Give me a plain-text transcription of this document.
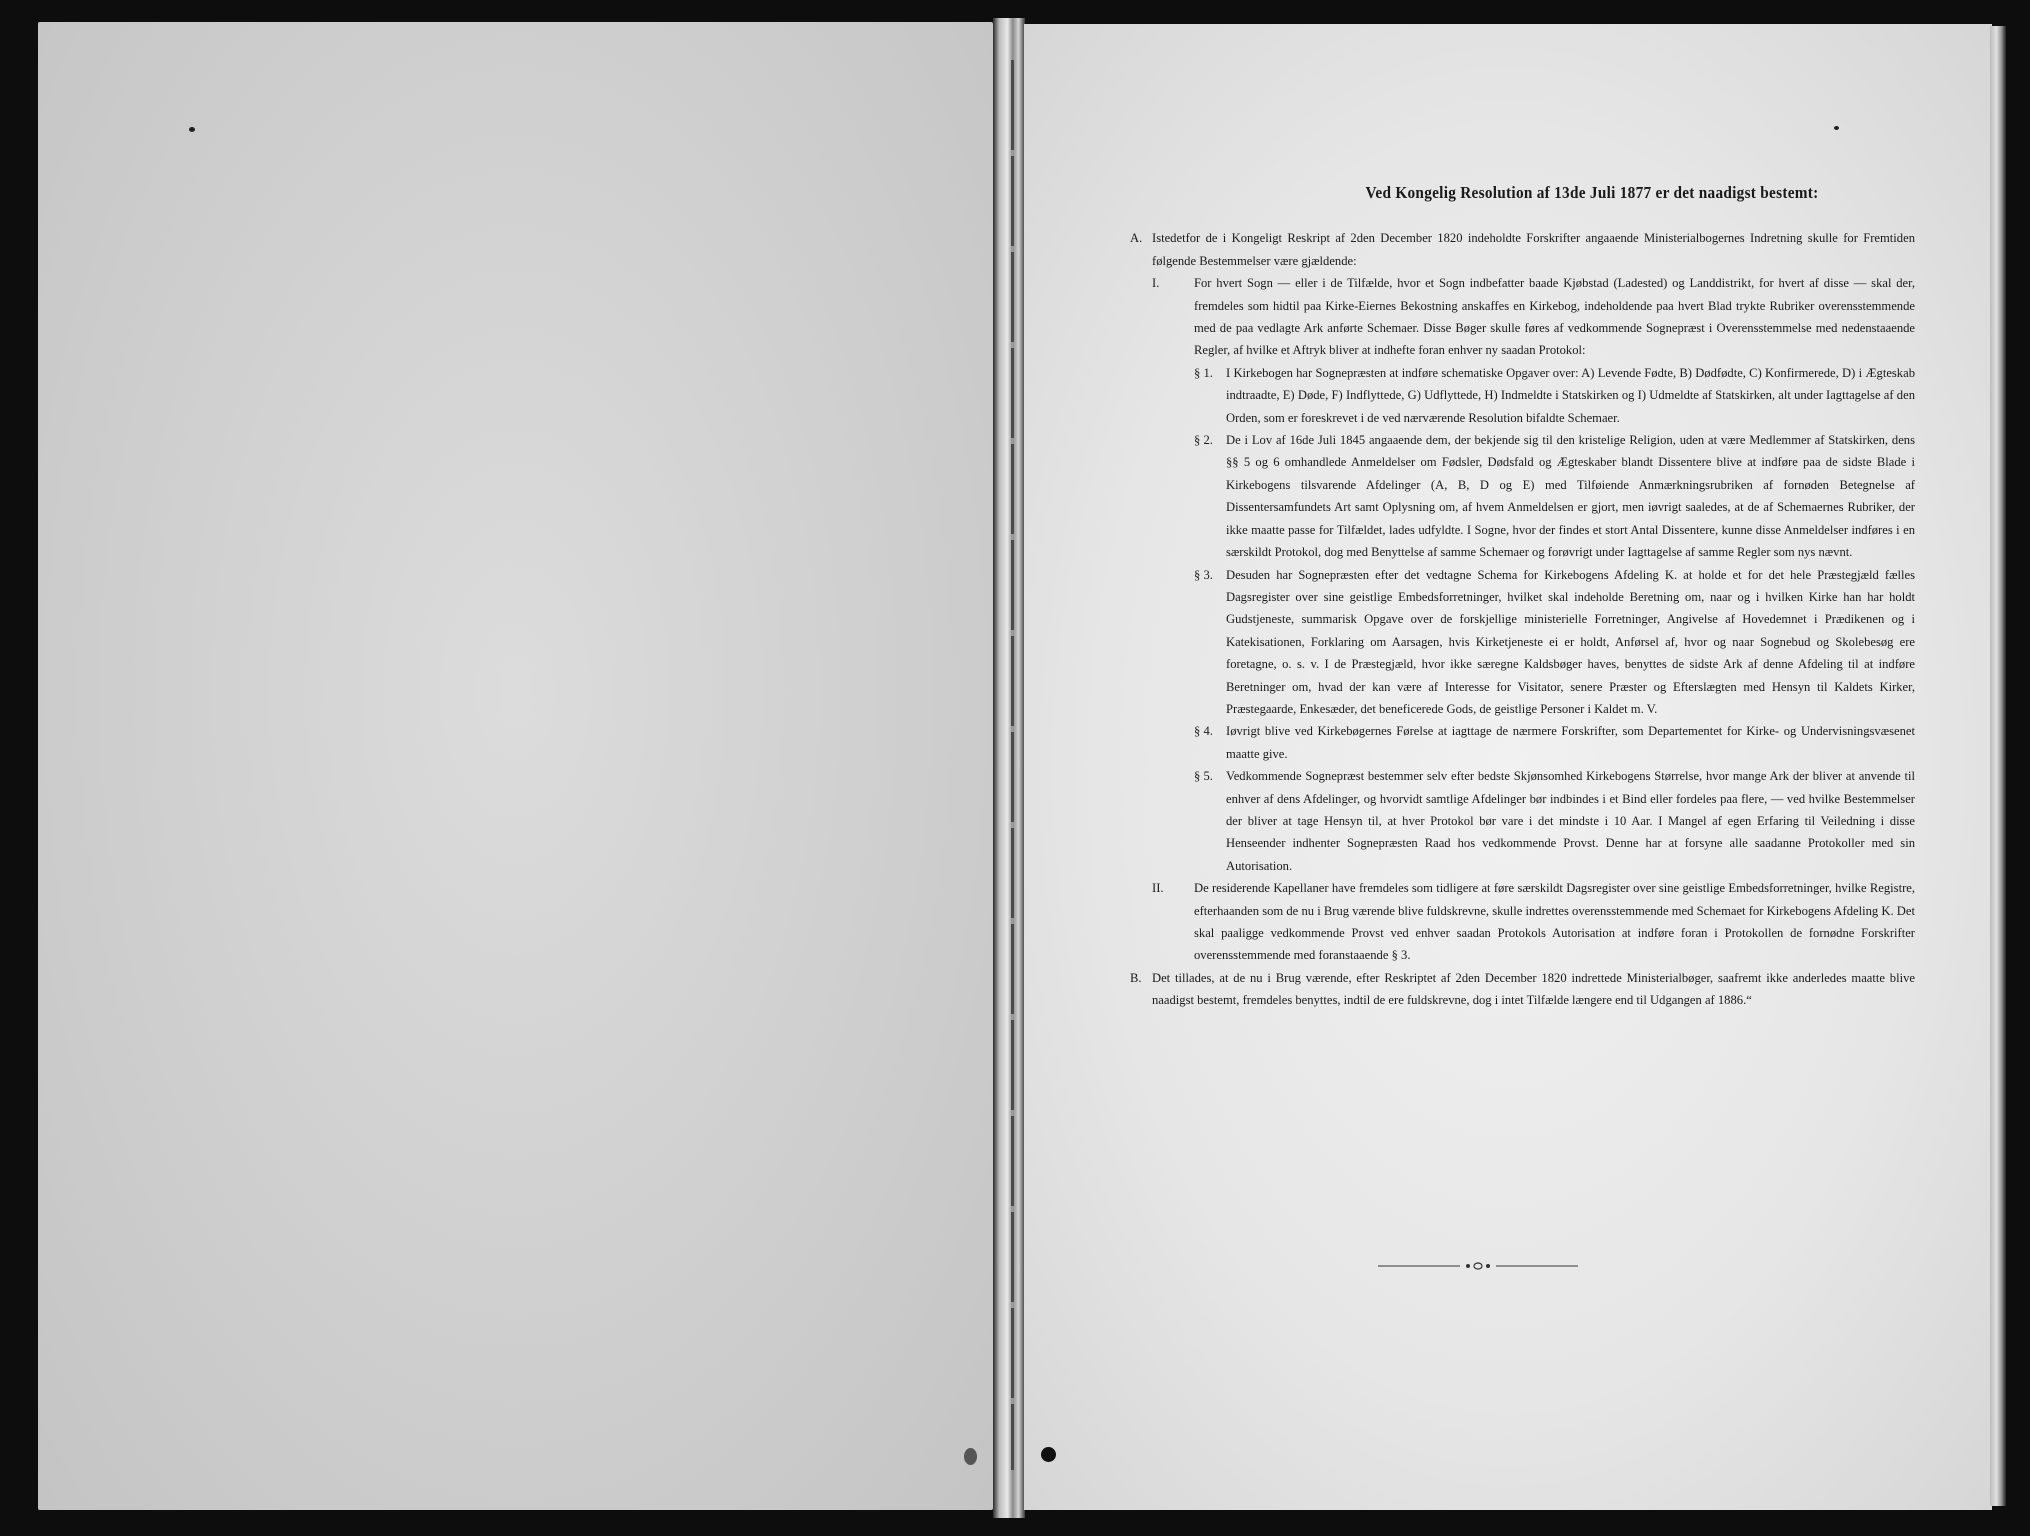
Ved Kongelig Resolution af 13de Juli 1877 er det naadigst bestemt:
A. Istedetfor de i Kongeligt Reskript af 2den December 1820 indeholdte Forskrifter angaaende Ministerialbogernes Indretning skulle for Fremtiden følgende Bestemmelser være gjældende:
I.	For hvert Sogn — eller i de Tilfælde, hvor et Sogn indbefatter baade Kjøbstad (Ladested) og Landdistrikt, for hvert af disse — skal der, fremdeles som hidtil paa Kirke-Eiernes Bekostning anskaffes en Kirkebog, indeholdende paa hvert Blad trykte Rubriker overensstemmende med de paa vedlagte Ark anførte Schemaer. Disse Bøger skulle føres af vedkommende Sognepræst i Overensstemmelse med nedenstaaende Regler, af hvilke et Aftryk bliver at indhefte foran enhver ny saadan Protokol:
§ 1. I Kirkebogen har Sognepræsten at indføre schematiske Opgaver over: A) Levende Fødte, B) Dødfødte, C) Konfirmerede, D) i Ægteskab indtraadte, E) Døde, F) Indflyttede, G) Udflyttede, H) Indmeldte i Statskirken og I) Udmeldte af Statskirken, alt under Iagttagelse af den Orden, som er foreskrevet i de ved nærværende Resolution bifaldte Schemaer.
§ 2. De i Lov af 16de Juli 1845 angaaende dem, der bekjende sig til den kristelige Religion, uden at være Medlemmer af Statskirken, dens §§ 5 og 6 omhandlede Anmeldelser om Fødsler, Dødsfald og Ægteskaber blandt Dissentere blive at indføre paa de sidste Blade i Kirkebogens tilsvarende Afdelinger (A, B, D og E) med Tilføiende Anmærkningsrubriken af fornøden Betegnelse af Dissentersamfundets Art samt Oplysning om, af hvem Anmeldelsen er gjort, men iøvrigt saaledes, at de af Schemaernes Rubriker, der ikke maatte passe for Tilfældet, lades udfyldte. I Sogne, hvor der findes et stort Antal Dissentere, kunne disse Anmeldelser indføres i en særskildt Protokol, dog med Benyttelse af samme Schemaer og forøvrigt under Iagttagelse af samme Regler som nys nævnt.
§ 3. Desuden har Sognepræsten efter det vedtagne Schema for Kirkebogens Afdeling K. at holde et for det hele Præstegjæld fælles Dagsregister over sine geistlige Embedsforretninger, hvilket skal indeholde Beretning om, naar og i hvilken Kirke han har holdt Gudstjeneste, summarisk Opgave over de forskjellige ministerielle Forretninger, Angivelse af Hovedemnet i Prædikenen og i Katekisationen, Forklaring om Aarsagen, hvis Kirketjeneste ei er holdt, Anførsel af, hvor og naar Sognebud og Skolebesøg ere foretagne, o. s. v. I de Præstegjæld, hvor ikke særegne Kaldsbøger haves, benyttes de sidste Ark af denne Afdeling til at indføre Beretninger om, hvad der kan være af Interesse for Visitator, senere Præster og Efterslægten med Hensyn til Kaldets Kirker, Præstegaarde, Enkesæder, det beneficerede Gods, de geistlige Personer i Kaldet m. V.
§ 4. Iøvrigt blive ved Kirkebøgernes Førelse at iagttage de nærmere Forskrifter, som Departementet for Kirke- og Undervisningsvæsenet maatte give.
§ 5. Vedkommende Sognepræst bestemmer selv efter bedste Skjønsomhed Kirkebogens Størrelse, hvor mange Ark der bliver at anvende til enhver af dens Afdelinger, og hvorvidt samtlige Afdelinger bør indbindes i et Bind eller fordeles paa flere, — ved hvilke Bestemmelser der bliver at tage Hensyn til, at hver Protokol bør vare i det mindste i 10 Aar. I Mangel af egen Erfaring til Veiledning i disse Henseender indhenter Sognepræsten Raad hos vedkommende Provst. Denne har at forsyne alle saadanne Protokoller med sin Autorisation.
II. De residerende Kapellaner have fremdeles som tidligere at føre særskildt Dagsregister over sine geistlige Embedsforretninger, hvilke Registre, efterhaanden som de nu i Brug værende blive fuldskrevne, skulle indrettes overensstemmende med Schemaet for Kirkebogens Afdeling K. Det skal paaligge vedkommende Provst ved enhver saadan Protokols Autorisation at indføre foran i Protokollen de fornødne Forskrifter overensstemmende med foranstaaende § 3.
B. Det tillades, at de nu i Brug værende, efter Reskriptet af 2den December 1820 indrettede Ministerialbøger, saafremt ikke anderledes maatte blive naadigst bestemt, fremdeles benyttes, indtil de ere fuldskrevne, dog i intet Tilfælde længere end til Udgangen af 1886.“
